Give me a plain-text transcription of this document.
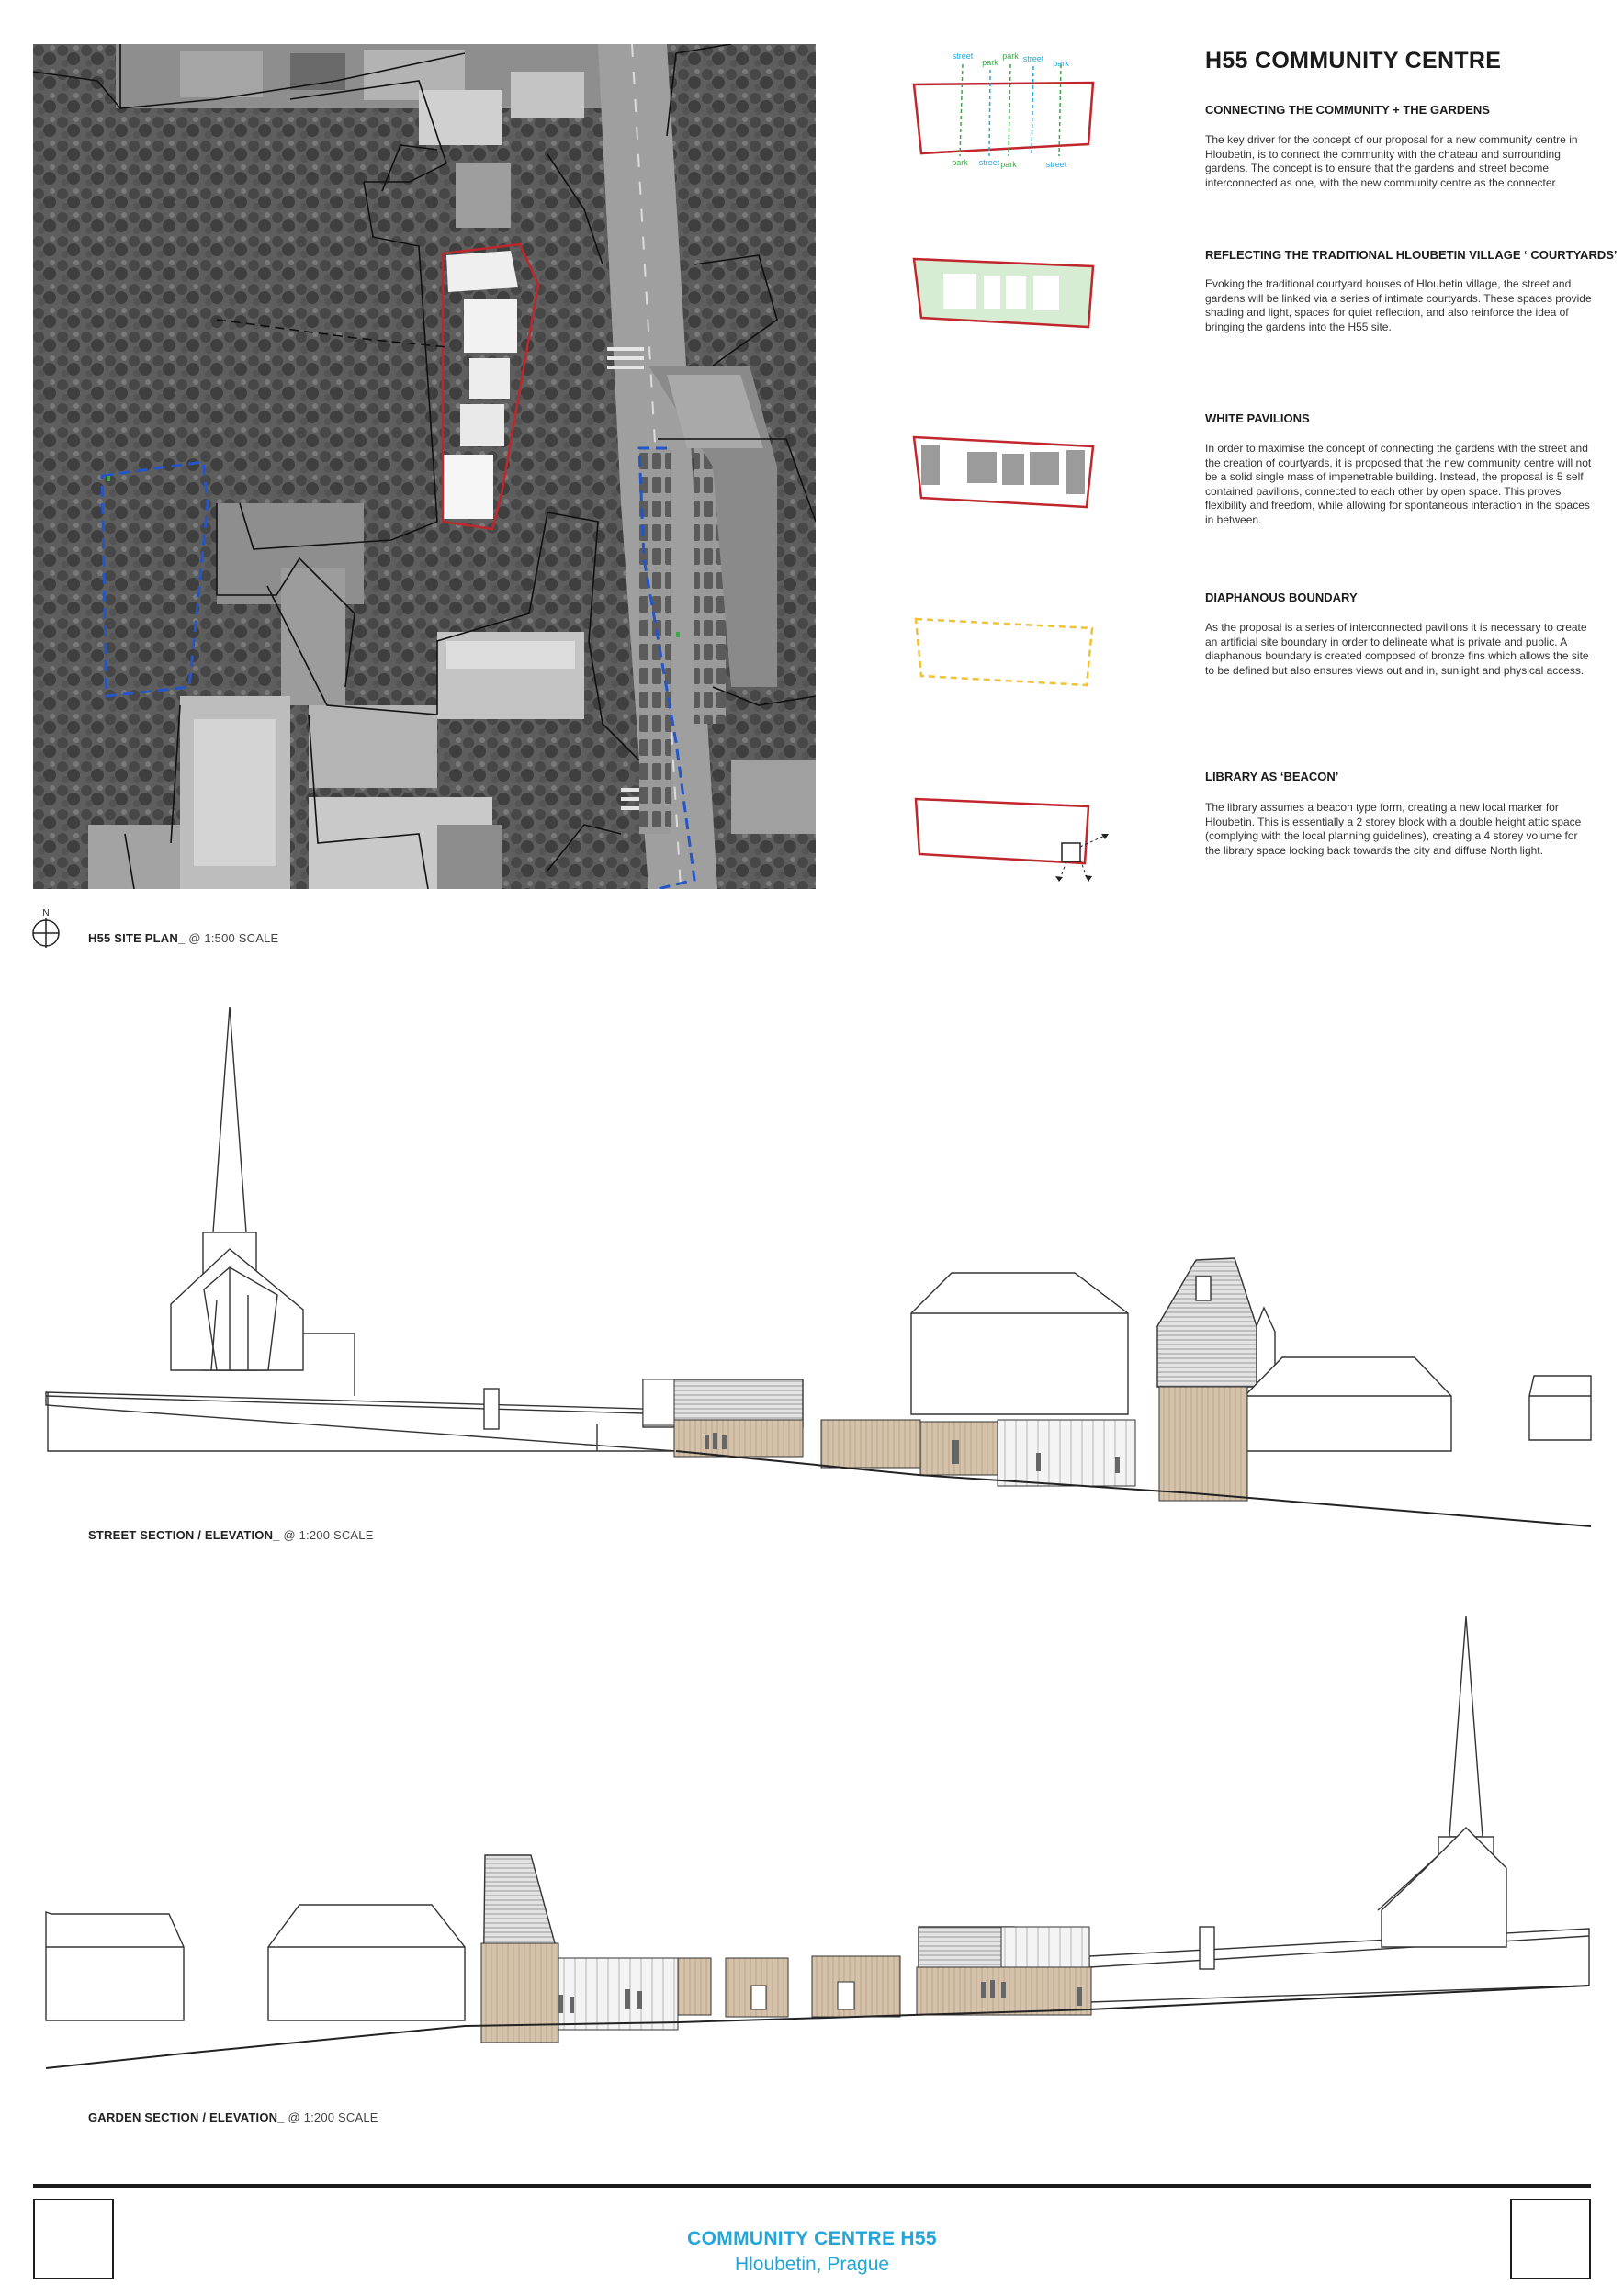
N
H55 SITE PLAN_ @ 1:500 SCALE
street
park
park street park
park street park	street
H55 COMMUNITY CENTRE
CONNECTING THE COMMUNITY + THE GARDENS
The key driver for the concept of our proposal for a new community centre in Hloubetin, is to connect the community with the chateau and surrounding gardens. The concept is to ensure that the gardens and street become interconnected as one, with the new community centre as the connecter.
REFLECTING THE TRADITIONAL HLOUBETIN VILLAGE ‘ COURTYARDS’
Evoking the traditional courtyard houses of Hloubetin village, the street and gardens will be linked via a series of intimate courtyards. These spaces provide shading and light, spaces for quiet reflection, and also reinforce the idea of bringing the gardens into the H55 site.
WHITE PAVILIONS
In order to maximise the concept of connecting the gardens with the street and the creation of courtyards, it is proposed that the new community centre will not be a solid single mass of impenetrable building. Instead, the proposal is 5 self contained pavilions, connected to each other by open space. This proves flexibility and freedom, while allowing for spontaneous interaction in the spaces in between.
DIAPHANOUS BOUNDARY
As the proposal is a series of interconnected pavilions it is necessary to create an artificial site boundary in order to delineate what is private and public. A diaphanous boundary is created composed of bronze fins which allows the site to be defined but also ensures views out and in, sunlight and physical access.
LIBRARY AS ‘BEACON’
The library assumes a beacon type form, creating a new local marker for Hloubetin. This is essentially a 2 storey block with a double height attic space (complying with the local planning guidelines), creating a 4 storey volume for the library space looking back towards the city and diffuse North light.
STREET SECTION / ELEVATION_ @ 1:200 SCALE
GARDEN SECTION / ELEVATION_ @ 1:200 SCALE
COMMUNITY CENTRE H55
Hloubetin, Prague
